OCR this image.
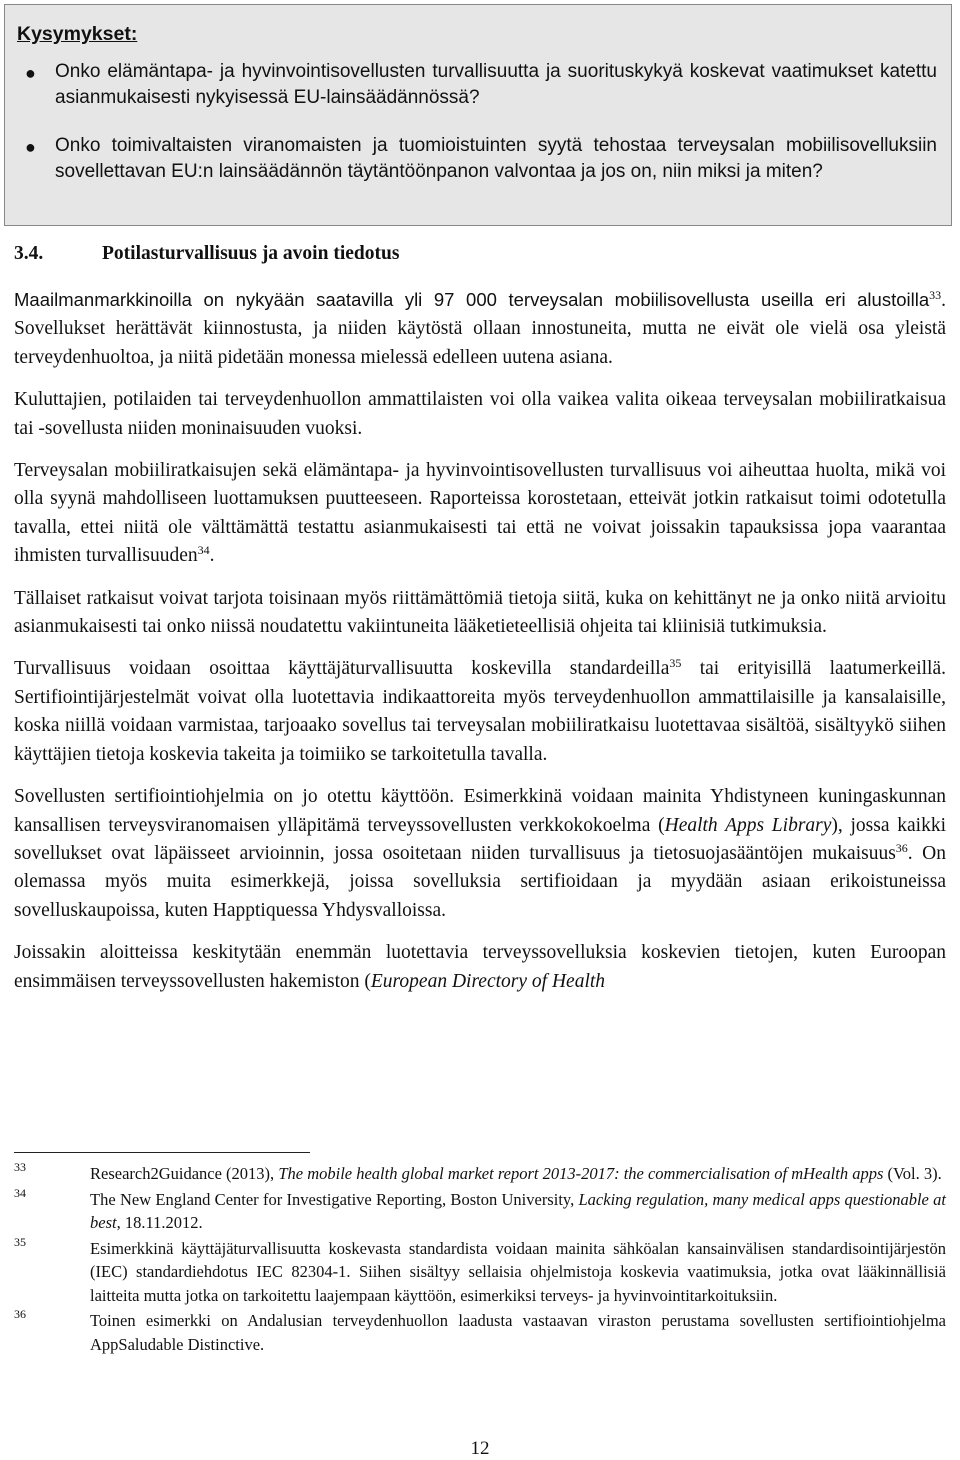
Kysymykset:
● Onko elämäntapa- ja hyvinvointisovellusten turvallisuutta ja suorituskykyä koskevat vaatimukset katettu asianmukaisesti nykyisessä EU-lainsäädännössä?
● Onko toimivaltaisten viranomaisten ja tuomioistuinten syytä tehostaa terveysalan mobiilisovelluksiin sovellettavan EU:n lainsäädännön täytäntöönpanon valvontaa ja jos on, niin miksi ja miten?
3.4.	Potilasturvallisuus ja avoin tiedotus

Maailmanmarkkinoilla on nykyään saatavilla yli 97 000 terveysalan mobiilisovellusta useilla eri alustoilla$^{33}$. Sovellukset herättävät kiinnostusta, ja niiden käytöstä ollaan innostuneita, mutta ne eivät ole vielä osa yleistä terveydenhuoltoa, ja niitä pidetään monessa mielessä edelleen uutena asiana.

Kuluttajien, potilaiden tai terveydenhuollon ammattilaisten voi olla vaikea valita oikeaa terveysalan mobiiliratkaisua tai -sovellusta niiden moninaisuuden vuoksi.

Terveysalan mobiiliratkaisujen sekä elämäntapa- ja hyvinvointisovellusten turvallisuus voi aiheuttaa huolta, mikä voi olla syynä mahdolliseen luottamuksen puutteeseen. Raporteissa korostetaan, etteivät jotkin ratkaisut toimi odotetulla tavalla, ettei niitä ole välttämättä testattu asianmukaisesti tai että ne voivat joissakin tapauksissa jopa vaarantaa ihmisten turvallisuuden$^{34}$.

Tällaiset ratkaisut voivat tarjota toisinaan myös riittämättömiä tietoja siitä, kuka on kehittänyt ne ja onko niitä arvioitu asianmukaisesti tai onko niissä noudatettu vakiintuneita lääketieteellisiä ohjeita tai kliinisiä tutkimuksia.

Turvallisuus voidaan osoittaa käyttäjäturvallisuutta koskevilla standardeilla$^{35}$ tai erityisillä laatumerkeillä. Sertifiointijärjestelmät voivat olla luotettavia indikaattoreita myös terveydenhuollon ammattilaisille ja kansalaisille, koska niillä voidaan varmistaa, tarjoaako sovellus tai terveysalan mobiiliratkaisu luotettavaa sisältöä, sisältyykö siihen käyttäjien tietoja koskevia takeita ja toimiiko se tarkoitetulla tavalla.

Sovellusten sertifiointiohjelmia on jo otettu käyttöön. Esimerkkinä voidaan mainita Yhdistyneen kuningaskunnan kansallisen terveysviranomaisen ylläpitämä terveyssovellusten verkkokokoelma (Health Apps Library), jossa kaikki sovellukset ovat läpäisseet arvioinnin, jossa osoitetaan niiden turvallisuus ja tietosuojasääntöjen mukaisuus$^{36}$. On olemassa myös muita esimerkkejä, joissa sovelluksia sertifioidaan ja myydään asiaan erikoistuneissa sovelluskaupoissa, kuten Happtiquessa Yhdysvalloissa.

Joissakin aloitteissa keskitytään enemmän luotettavia terveyssovelluksia koskevien tietojen, kuten Euroopan ensimmäisen terveyssovellusten hakemiston (European Directory of Health

33	Research2Guidance (2013), The mobile health global market report 2013-2017: the commercialisation of mHealth apps (Vol. 3).
34	The New England Center for Investigative Reporting, Boston University, Lacking regulation, many medical apps questionable at best, 18.11.2012.
35	Esimerkkinä käyttäjäturvallisuutta koskevasta standardista voidaan mainita sähköalan kansainvälisen standardisointijärjestön (IEC) standardiehdotus IEC 82304-1. Siihen sisältyy sellaisia ohjelmistoja koskevia vaatimuksia, jotka ovat lääkinnällisiä laitteita mutta jotka on tarkoitettu laajempaan käyttöön, esimerkiksi terveys- ja hyvinvointitarkoituksiin.
36	Toinen esimerkki on Andalusian terveydenhuollon laadusta vastaavan viraston perustama sovellusten sertifiointiohjelma AppSaludable Distinctive.
12
